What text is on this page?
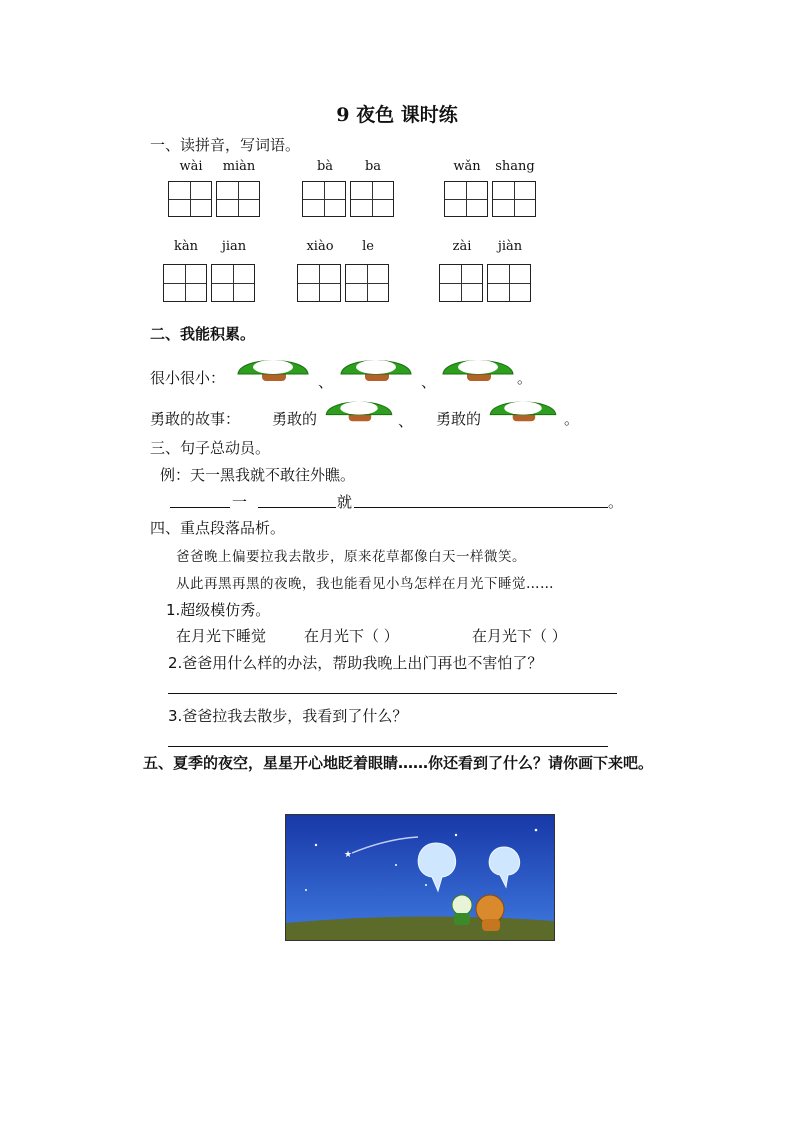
9 夜色 课时练
一、读拼音，写词语。
wài	miàn	bà	ba	wǎn	shang
kàn	jian	xiào	le	zài	jiàn
二、我能积累。
很小很小：	、	、	。
勇敢的故事： 勇敢的	、 勇敢的	。
三、句子总动员。
例：天一黑我就不敢往外瞧。
一	就	。
四、重点段落品析。
爸爸晚上偏要拉我去散步，原来花草都像白天一样微笑。
从此再黑再黑的夜晚，我也能看见小鸟怎样在月光下睡觉……
1.超级模仿秀。
在月光下睡觉	在月光下（ ）	在月光下（ ）
2.爸爸用什么样的办法，帮助我晚上出门再也不害怕了？
3.爸爸拉我去散步，我看到了什么？
五、夏季的夜空，星星开心地眨着眼睛……你还看到了什么？请你画下来吧。
★
